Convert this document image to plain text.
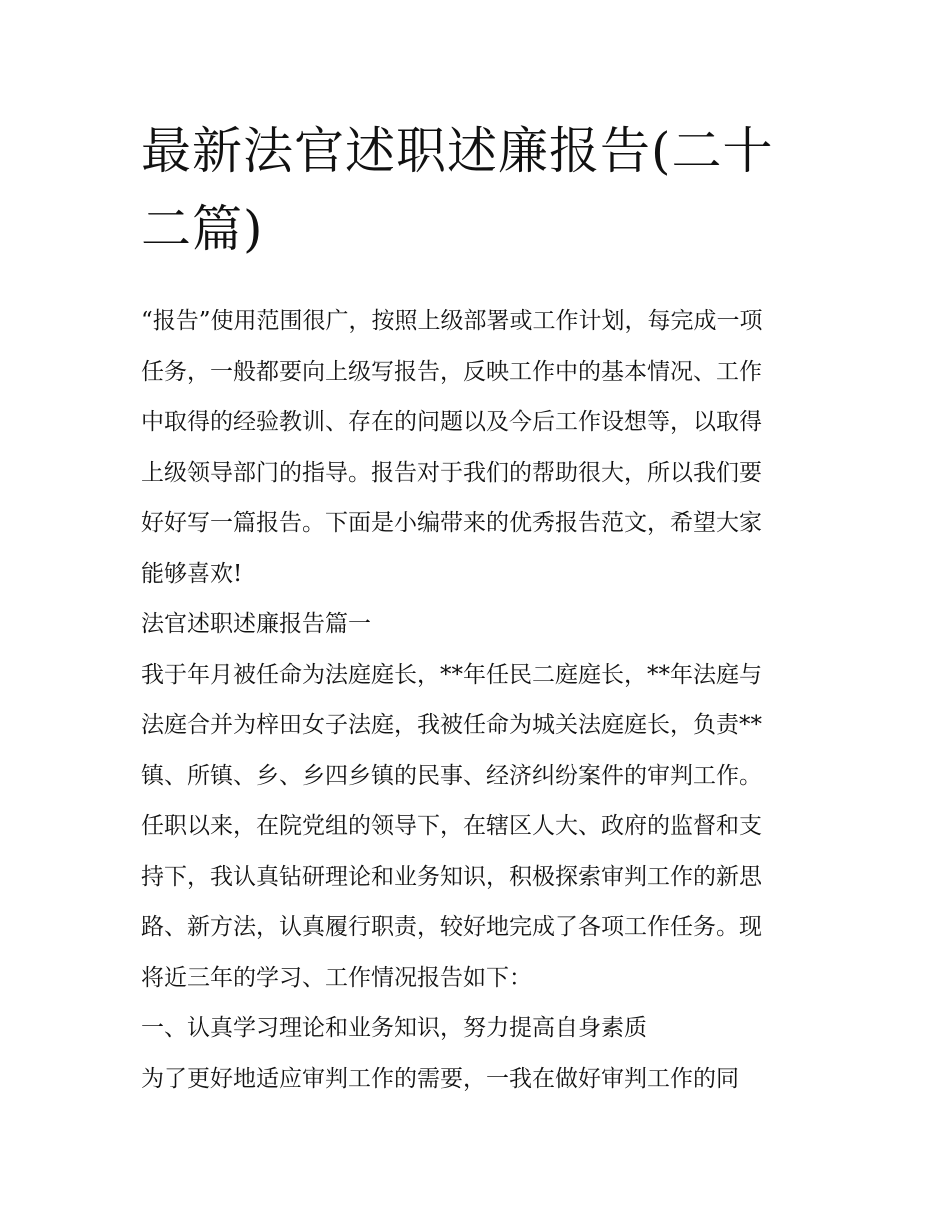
最新法官述职述廉报告(二十二篇)
“报告”使用范围很广，按照上级部署或工作计划，每完成一项
任务，一般都要向上级写报告，反映工作中的基本情况、工作
中取得的经验教训、存在的问题以及今后工作设想等，以取得
上级领导部门的指导。报告对于我们的帮助很大，所以我们要
好好写一篇报告。下面是小编带来的优秀报告范文，希望大家
能够喜欢!
法官述职述廉报告篇一
我于年月被任命为法庭庭长，**年任民二庭庭长，**年法庭与
法庭合并为梓田女子法庭，我被任命为城关法庭庭长，负责**
镇、所镇、乡、乡四乡镇的民事、经济纠纷案件的审判工作。
任职以来，在院党组的领导下，在辖区人大、政府的监督和支
持下，我认真钻研理论和业务知识，积极探索审判工作的新思
路、新方法，认真履行职责，较好地完成了各项工作任务。现
将近三年的学习、工作情况报告如下：
一、认真学习理论和业务知识，努力提高自身素质
为了更好地适应审判工作的需要，一我在做好审判工作的同
